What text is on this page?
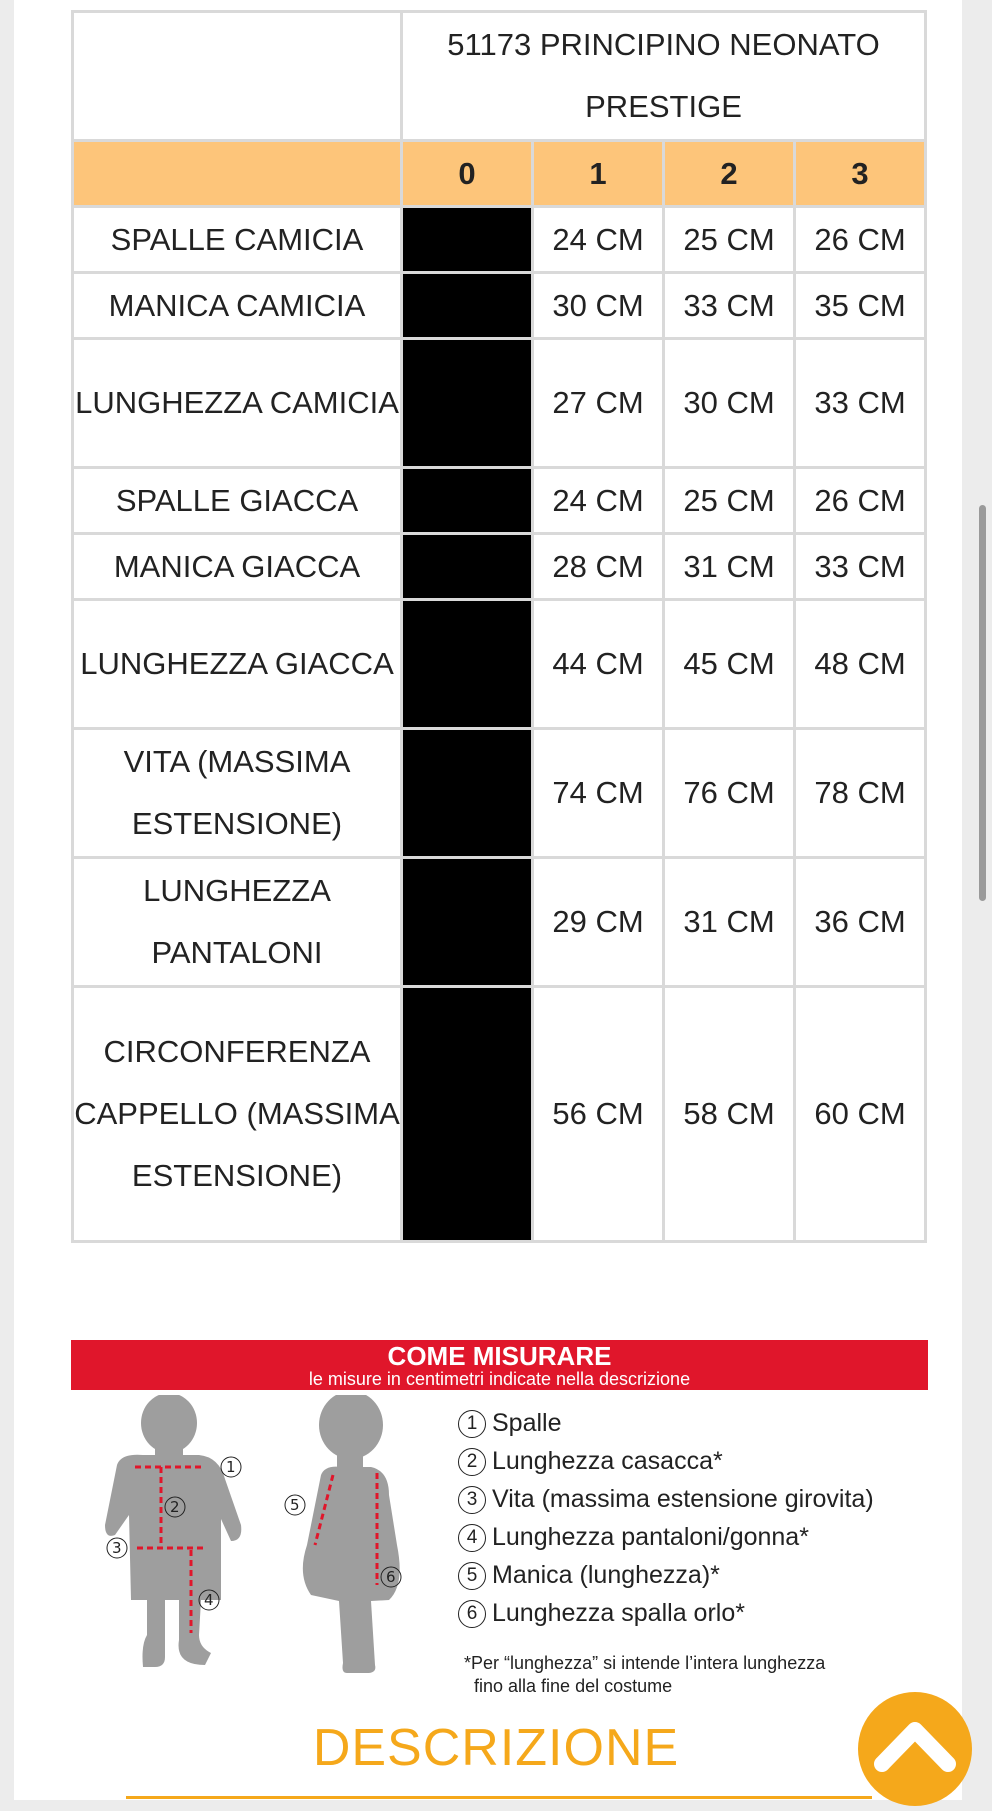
	51173 PRINCIPINO NEONATO PRESTIGE			
	0	1	2	3
SPALLE CAMICIA		24 CM	25 CM	26 CM
MANICA CAMICIA		30 CM	33 CM	35 CM
LUNGHEZZA CAMICIA		27 CM	30 CM	33 CM
SPALLE GIACCA		24 CM	25 CM	26 CM
MANICA GIACCA		28 CM	31 CM	33 CM
LUNGHEZZA GIACCA		44 CM	45 CM	48 CM
VITA (MASSIMA ESTENSIONE)		74 CM	76 CM	78 CM
LUNGHEZZA PANTALONI		29 CM	31 CM	36 CM
CIRCONFERENZA CAPPELLO (MASSIMA ESTENSIONE)		56 CM	58 CM	60 CM
COME MISURARE
le misure in centimetri indicate nella descrizione
1
2
3
4
5
6
1 Spalle
2 Lunghezza casacca*
3 Vita (massima estensione girovita)
4 Lunghezza pantaloni/gonna*
5 Manica (lunghezza)*
6 Lunghezza spalla orlo*
*Per “lunghezza” si intende l’intera lunghezza
fino alla fine del costume
DESCRIZIONE
